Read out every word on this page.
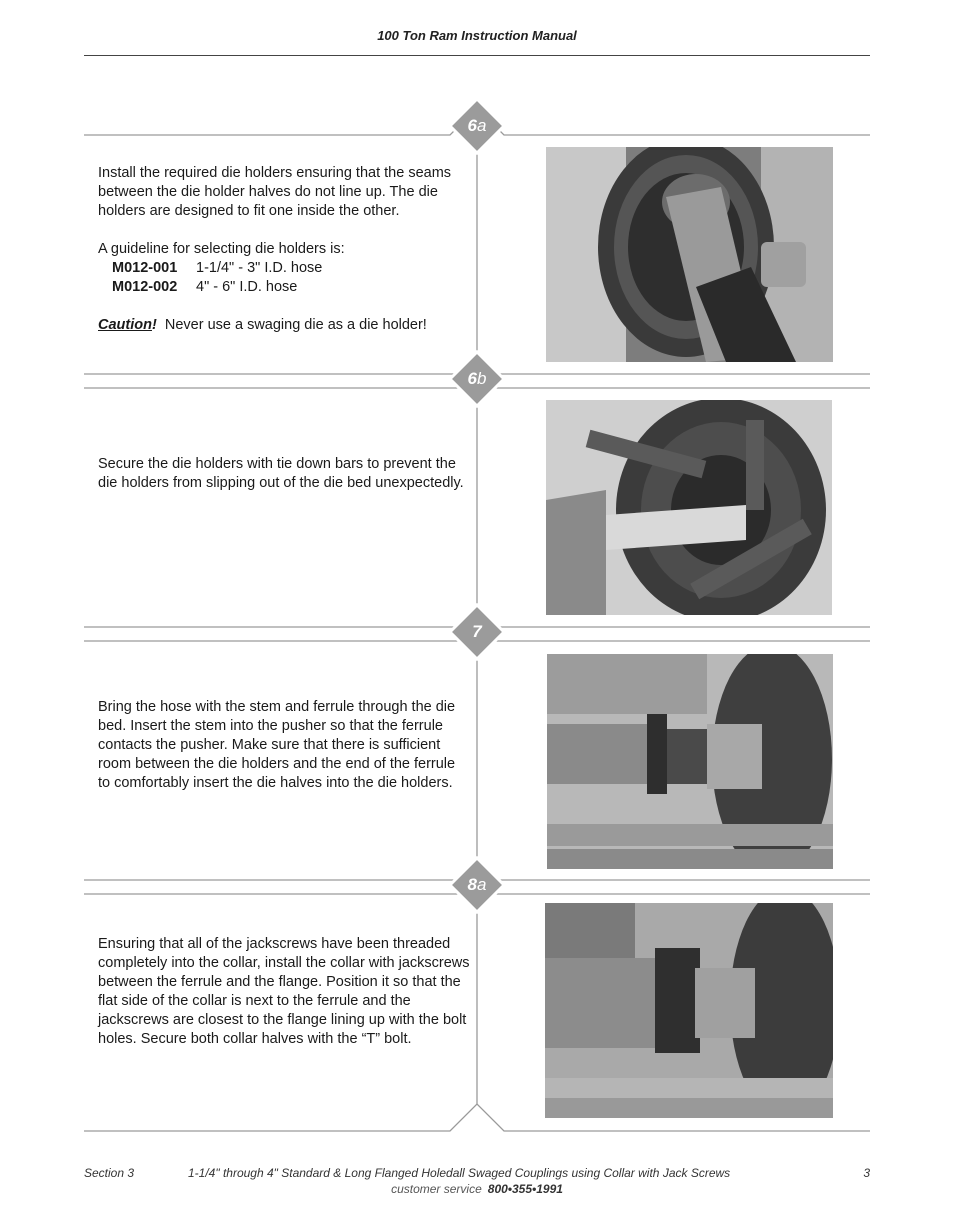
100 Ton Ram Instruction Manual
6a
6b
7
8a

Install the required die holders ensuring that the seams between the die holder halves do not line up. The die holders are designed to fit one inside the other.

A guideline for selecting die holders is:

M012-001 1-1/4" - 3" I.D. hose
M012-002 4" - 6" I.D. hose

Caution! Never use a swaging die as a die holder!

Secure the die holders with tie down bars to prevent the die holders from slipping out of the die bed unexpectedly.

Bring the hose with the stem and ferrule through the die bed. Insert the stem into the pusher so that the ferrule contacts the pusher. Make sure that there is sufficient room between the die holders and the end of the ferrule to comfortably insert the die halves into the die holders.

Ensuring that all of the jackscrews have been threaded completely into the collar, install the collar with jackscrews between the ferrule and the flange. Position it so that the flat side of the collar is next to the ferrule and the jackscrews are closest to the flange lining up with the bolt holes. Secure both collar halves with the “T” bolt.

Section 3	1-1/4" through 4" Standard & Long Flanged Holedall Swaged Couplings using Collar with Jack Screws	3
customer service 800•355•1991
